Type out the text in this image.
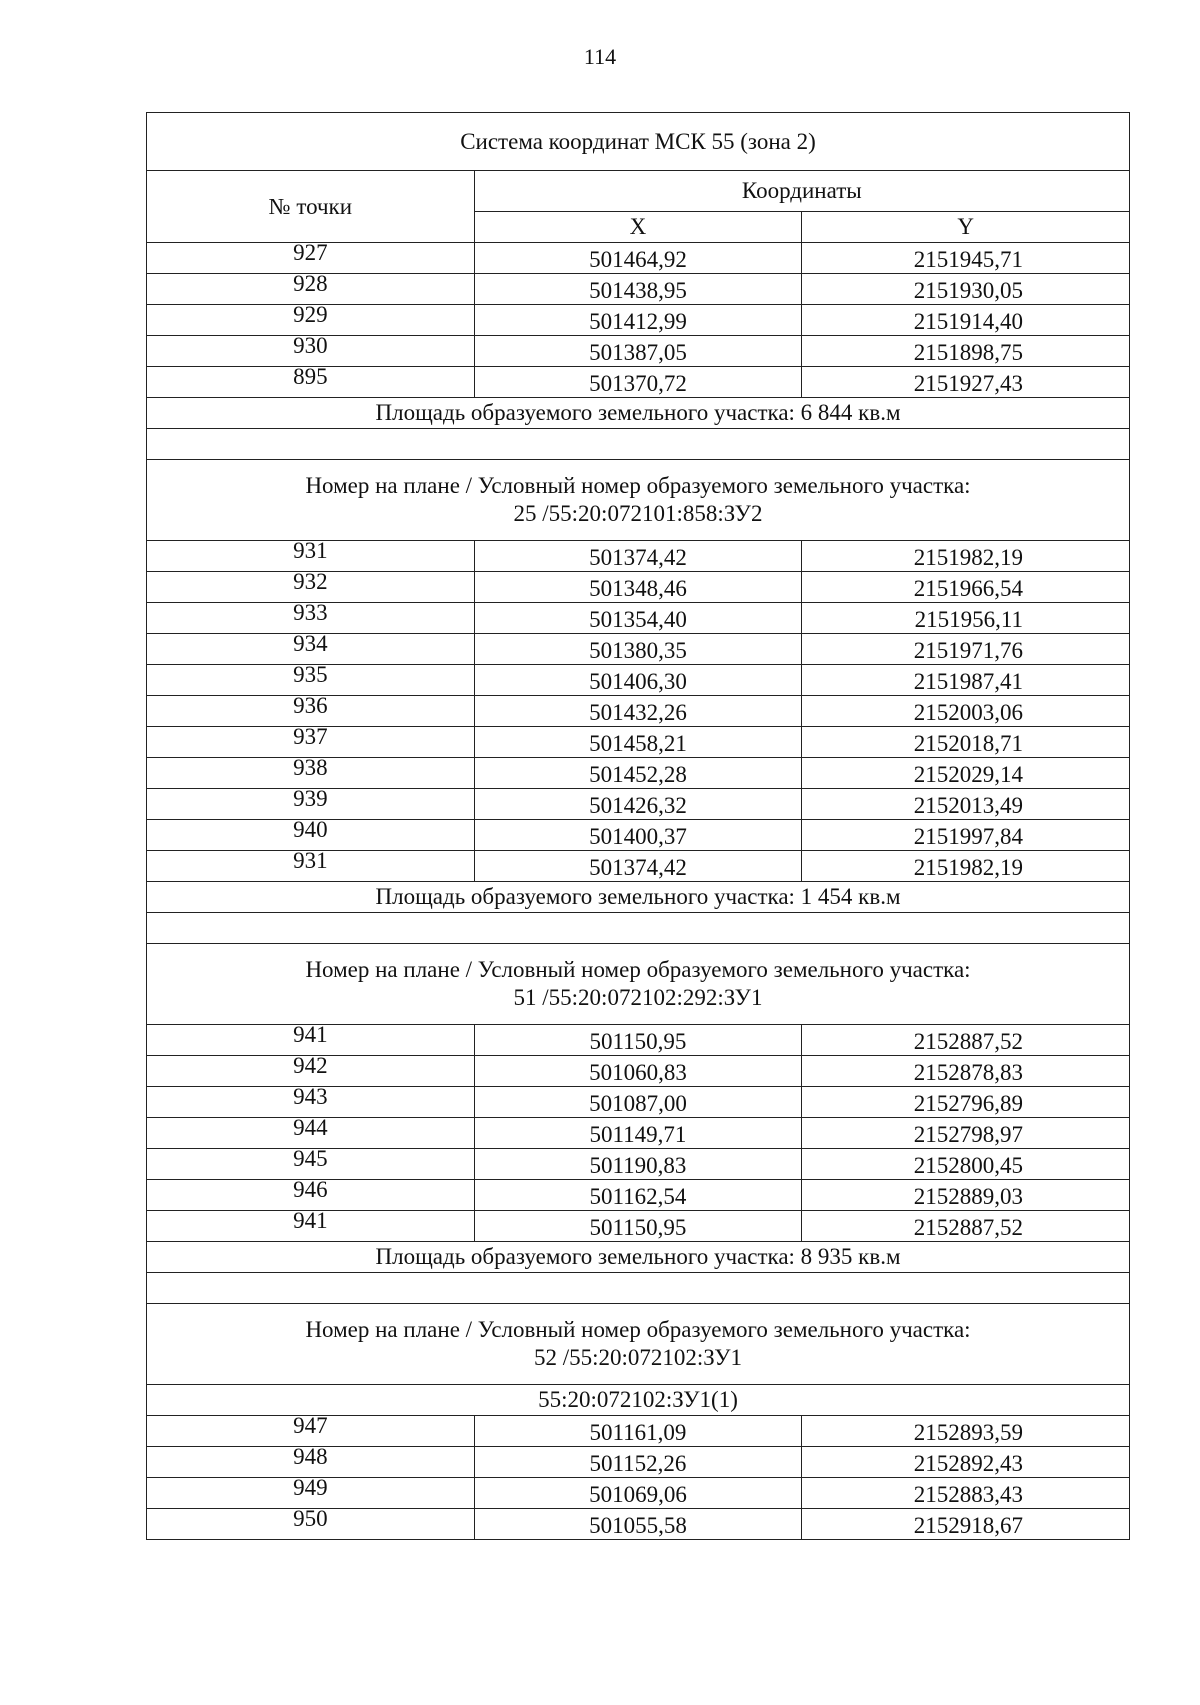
114
Система координат МСК 55 (зона 2)		
№ точки	Координаты	
	X	Y
927	501464,92	2151945,71

928	501438,95	2151930,05

929	501412,99	2151914,40

930	501387,05	2151898,75

895	501370,72	2151927,43

Площадь образуемого земельного участка: 6 844 кв.м		

Номер на плане / Условный номер образуемого земельного участка:
25 /55:20:072101:858:ЗУ2		

931	501374,42	2151982,19

932	501348,46	2151966,54

933	501354,40	2151956,11

934	501380,35	2151971,76

935	501406,30	2151987,41

936	501432,26	2152003,06

937	501458,21	2152018,71

938	501452,28	2152029,14

939	501426,32	2152013,49

940	501400,37	2151997,84

931	501374,42	2151982,19

Площадь образуемого земельного участка: 1 454 кв.м		

Номер на плане / Условный номер образуемого земельного участка:
51 /55:20:072102:292:ЗУ1		

941	501150,95	2152887,52

942	501060,83	2152878,83

943	501087,00	2152796,89

944	501149,71	2152798,97

945	501190,83	2152800,45

946	501162,54	2152889,03

941	501150,95	2152887,52

Площадь образуемого земельного участка: 8 935 кв.м		

Номер на плане / Условный номер образуемого земельного участка:
52 /55:20:072102:ЗУ1		

55:20:072102:ЗУ1(1)		
947	501161,09	2152893,59

948	501152,26	2152892,43

949	501069,06	2152883,43

950	501055,58	2152918,67
